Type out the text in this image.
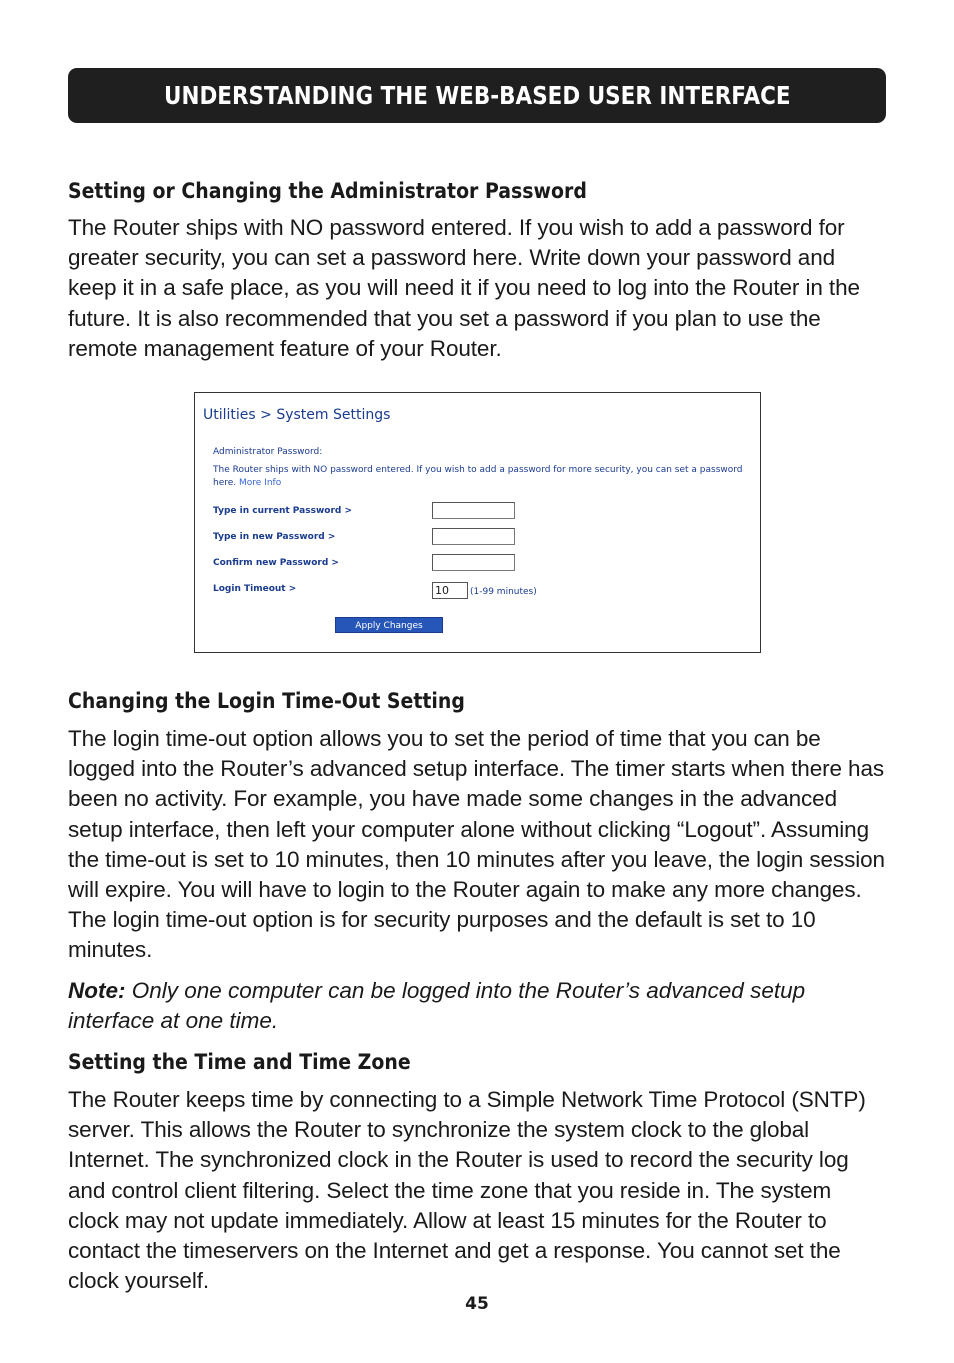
UNDERSTANDING THE WEB-BASED USER INTERFACE
Setting or Changing the Administrator Password

The Router ships with NO password entered. If you wish to add a password for greater security, you can set a password here. Write down your password and keep it in a safe place, as you will need it if you need to log into the Router in the future. It is also recommended that you set a password if you plan to use the remote management feature of your Router.

Utilities > System Settings
Administrator Password:
The Router ships with NO password entered. If you wish to add a password for more security, you can set a password here. More Info
Type in current Password >
Type in new Password >
Confirm new Password >
Login Timeout >	10	(1-99 minutes)
Apply Changes
Changing the Login Time-Out Setting

The login time-out option allows you to set the period of time that you can be logged into the Router’s advanced setup interface. The timer starts when there has been no activity. For example, you have made some changes in the advanced setup interface, then left your computer alone without clicking “Logout”. Assuming the time-out is set to 10 minutes, then 10 minutes after you leave, the login session will expire. You will have to login to the Router again to make any more changes. The login time-out option is for security purposes and the default is set to 10 minutes.

Note: Only one computer can be logged into the Router’s advanced setup interface at one time.

Setting the Time and Time Zone

The Router keeps time by connecting to a Simple Network Time Protocol (SNTP) server. This allows the Router to synchronize the system clock to the global Internet. The synchronized clock in the Router is used to record the security log and control client filtering. Select the time zone that you reside in. The system clock may not update immediately. Allow at least 15 minutes for the Router to contact the timeservers on the Internet and get a response. You cannot set the clock yourself.

45
